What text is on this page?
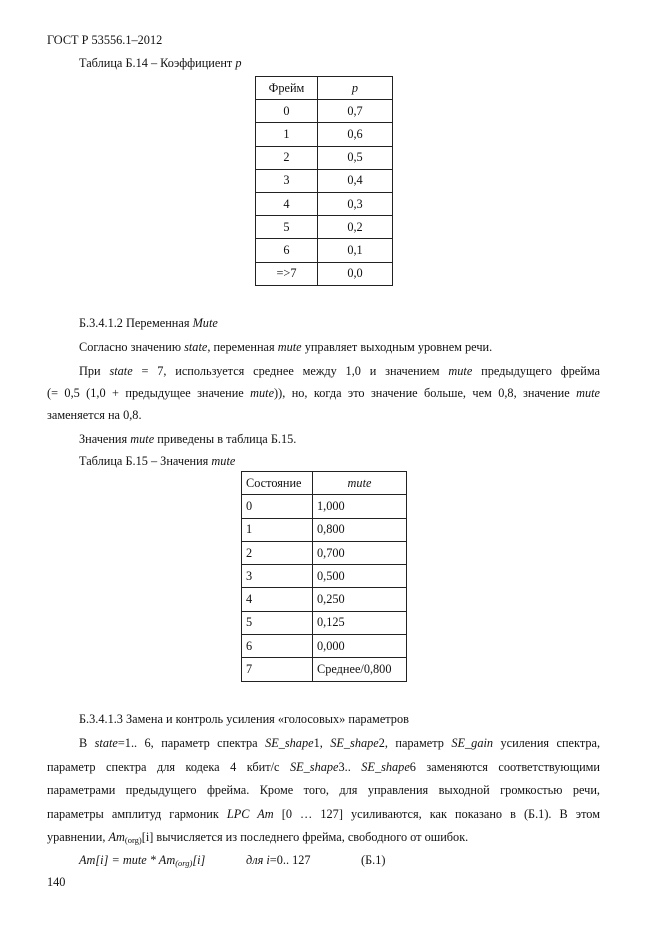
ГОСТ Р 53556.1–2012
Таблица Б.14 – Коэффициент p
Фрейм	p
0	0,7
1	0,6
2	0,5
3	0,4
4	0,3
5	0,2
6	0,1
=>7	0,0
Б.3.4.1.2 Переменная Mute
Согласно значению state, переменная mute управляет выходным уровнем речи.
При state = 7, используется среднее между 1,0 и значением mute предыдущего фрейма
(= 0,5 (1,0 + предыдущее значение mute)), но, когда это значение больше, чем 0,8, значение mute
заменяется на 0,8.
Значения mute приведены в таблица Б.15.
Таблица Б.15 – Значения mute
Состояние	mute
0	1,000
1	0,800
2	0,700
3	0,500
4	0,250
5	0,125
6	0,000
7	Среднее/0,800
Б.3.4.1.3 Замена и контроль усиления «голосовых» параметров
В state=1.. 6, параметр спектра SE_shape1, SE_shape2, параметр SE_gain усиления спектра,
параметр спектра для кодека 4 кбит/с SE_shape3.. SE_shape6 заменяются соответствующими
параметрами предыдущего фрейма. Кроме того, для управления выходной громкостью речи,
параметры амплитуд гармоник LPC Am [0 … 127] усиливаются, как показано в (Б.1). В этом
уравнении, $Am_{(org)}[i]$ вычисляется из последнего фрейма, свободного от ошибок.
Am[i] = mute * $Am_{(org)}[i]$	для i=0.. 127	(Б.1)
140
